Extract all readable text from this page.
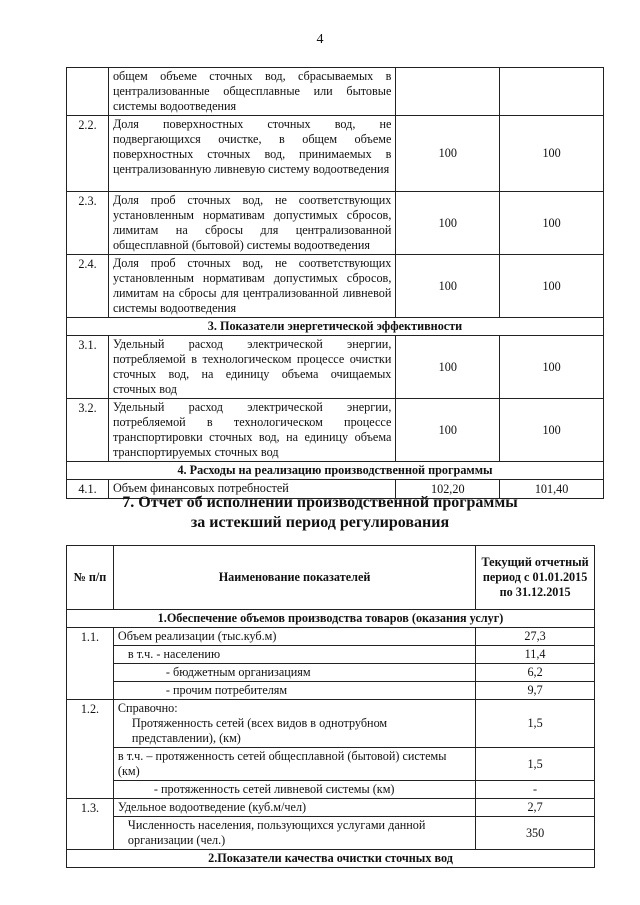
4
	общем объеме сточных вод, сбрасываемых в централизованные общесплавные или бытовые системы водоотведения		
2.2.	Доля поверхностных сточных вод, не подвергающихся очистке, в общем объеме поверхностных сточных вод, принимаемых в централизованную ливневую систему водоотведения	100	100
2.3.	Доля проб сточных вод, не соответствующих установленным нормативам допустимых сбросов, лимитам на сбросы для централизованной общесплавной (бытовой) системы водоотведения	100	100
2.4.	Доля проб сточных вод, не соответствующих установленным нормативам допустимых сбросов, лимитам на сбросы для централизованной ливневой системы водоотведения	100	100
3. Показатели энергетической эффективности			
3.1.	Удельный расход электрической энергии, потребляемой в технологическом процессе очистки сточных вод, на единицу объема очищаемых сточных вод	100	100
3.2.	Удельный расход электрической энергии, потребляемой в технологическом процессе транспортировки сточных вод, на единицу объема транспортируемых сточных вод	100	100
4. Расходы на реализацию производственной программы			
4.1.	Объем финансовых потребностей	102,20	101,40
7. Отчет об исполнении производственной программы
за истекший период регулирования
№ п/п	Наименование показателей	Текущий отчетный период с 01.01.2015 по 31.12.2015
1.Обеспечение объемов производства товаров (оказания услуг)		
1.1.	Объем реализации (тыс.куб.м)	27,3
	в т.ч. - населению	11,4
	- бюджетным организациям	6,2
	- прочим потребителям	9,7
1.2.	Справочно:
Протяженность сетей (всех видов в однотрубном представлении), (км)	1,5
	в т.ч. – протяженность сетей общесплавной (бытовой) системы (км)	1,5
	- протяженность сетей ливневой системы (км)	-
1.3.	Удельное водоотведение (куб.м/чел)	2,7
	Численность населения, пользующихся услугами данной организации (чел.)	350
2.Показатели качества очистки сточных вод		
